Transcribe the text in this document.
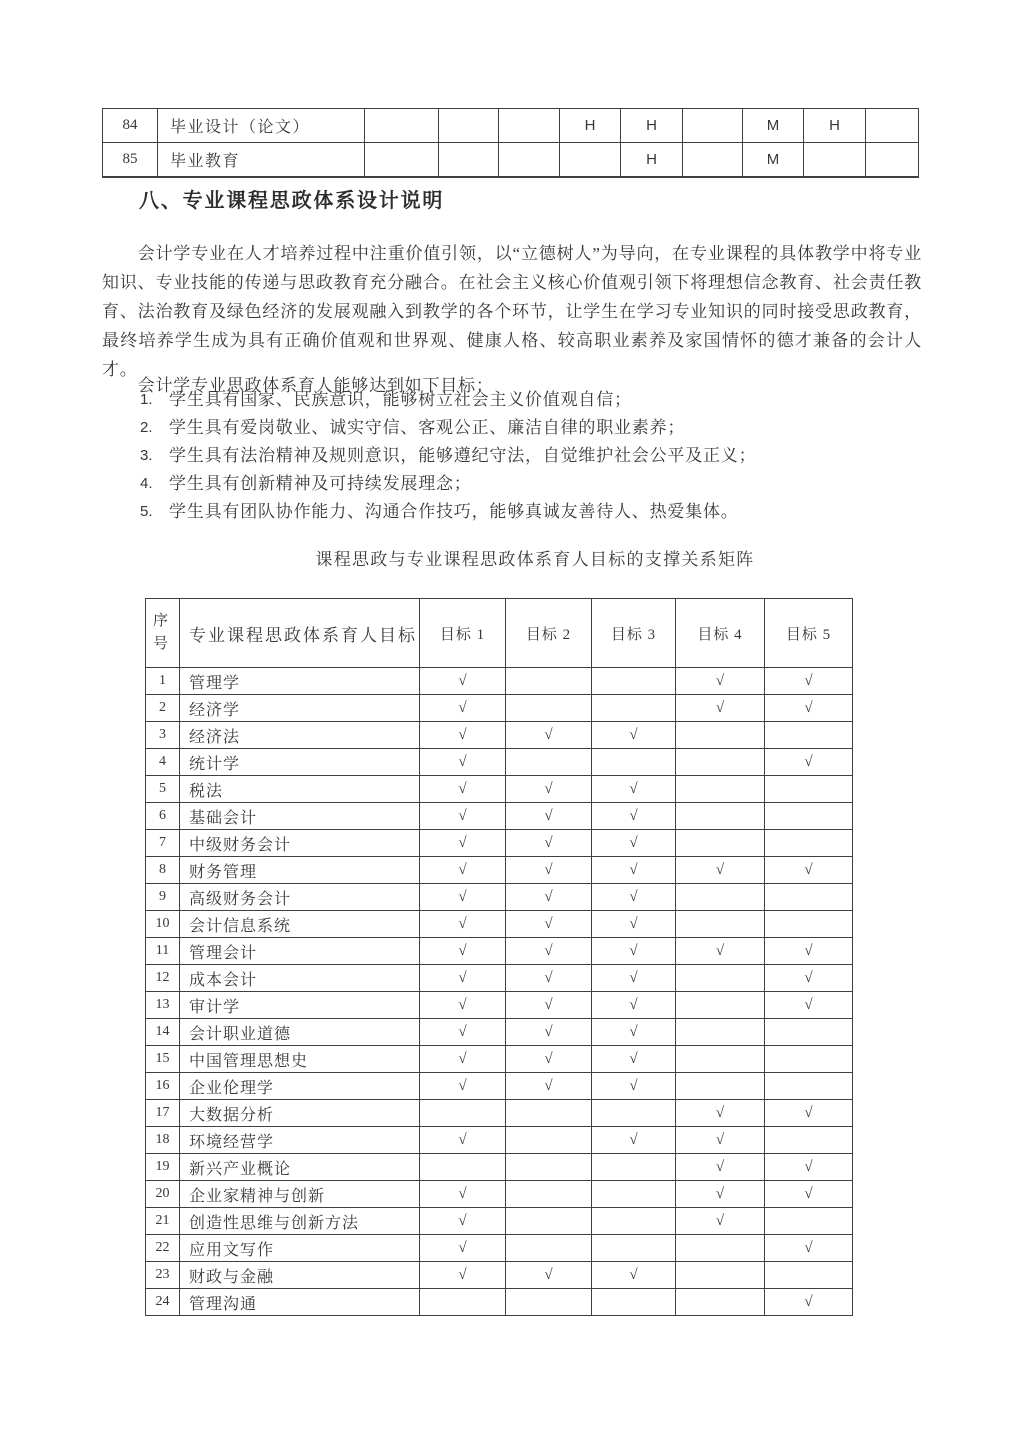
84	毕业设计（论文）				H	H		M	H	
85	毕业教育					H		M		
八、专业课程思政体系设计说明

会计学专业在人才培养过程中注重价值引领，以“立德树人”为导向，在专业课程的具体教学中将专业知识、专业技能的传递与思政教育充分融合。在社会主义核心价值观引领下将理想信念教育、社会责任教育、法治教育及绿色经济的发展观融入到教学的各个环节，让学生在学习专业知识的同时接受思政教育，最终培养学生成为具有正确价值观和世界观、健康人格、较高职业素养及家国情怀的德才兼备的会计人才。

会计学专业思政体系育人能够达到如下目标：

1. 学生具有国家、民族意识，能够树立社会主义价值观自信；
2. 学生具有爱岗敬业、诚实守信、客观公正、廉洁自律的职业素养；
3. 学生具有法治精神及规则意识，能够遵纪守法，自觉维护社会公平及正义；
4. 学生具有创新精神及可持续发展理念；
5. 学生具有团队协作能力、沟通合作技巧，能够真诚友善待人、热爱集体。
课程思政与专业课程思政体系育人目标的支撑关系矩阵
序号	专业课程思政体系育人目标	目标 1	目标 2	目标 3	目标 4	目标 5
1	管理学	√			√	√
2	经济学	√			√	√
3	经济法	√	√	√		
4	统计学	√				√
5	税法	√	√	√		
6	基础会计	√	√	√		
7	中级财务会计	√	√	√		
8	财务管理	√	√	√	√	√
9	高级财务会计	√	√	√		
10	会计信息系统	√	√	√		
11	管理会计	√	√	√	√	√
12	成本会计	√	√	√		√
13	审计学	√	√	√		√
14	会计职业道德	√	√	√		
15	中国管理思想史	√	√	√		
16	企业伦理学	√	√	√		
17	大数据分析				√	√
18	环境经营学	√		√	√	
19	新兴产业概论				√	√
20	企业家精神与创新	√			√	√
21	创造性思维与创新方法	√			√	
22	应用文写作	√				√
23	财政与金融	√	√	√		
24	管理沟通					√
